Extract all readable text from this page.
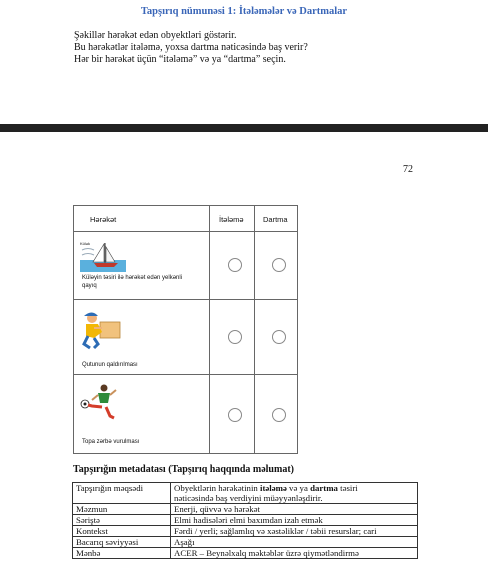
Tapşırıq nümunəsi 1: İtələmələr və Dartmalar
Şəkillər hərəkət edən obyektləri göstərir.
Bu hərəkətlər itələmə, yoxsa dartma nəticəsində baş verir?
Hər bir hərəkət üçün “itələmə” və ya “dartma” seçin.
72
Hərəkət	İtələmə	Dartma
Külək
Küləyin təsiri ilə hərəkət edən yelkənli
qayıq
Qutunun qaldırılması
Topa zərbə vurulması
Tapşırığın metadatası (Tapşırıq haqqında məlumat)
Tapşırığın məqsədi	Obyektlərin hərəkətinin itələmə və ya dartma təsiri
nəticəsində baş verdiyini müəyyənləşdirir.
Məzmun	Enerji, qüvvə və hərəkət
Səriştə	Elmi hadisələri elmi baxımdan izah etmək
Kontekst	Fərdi / yerli; sağlamlıq və xəstəliklər / təbii resurslar; cari
Bacarıq səviyyəsi	Aşağı
Mənbə	ACER – Beynəlxalq məktəblər üzrə qiymətləndirmə
